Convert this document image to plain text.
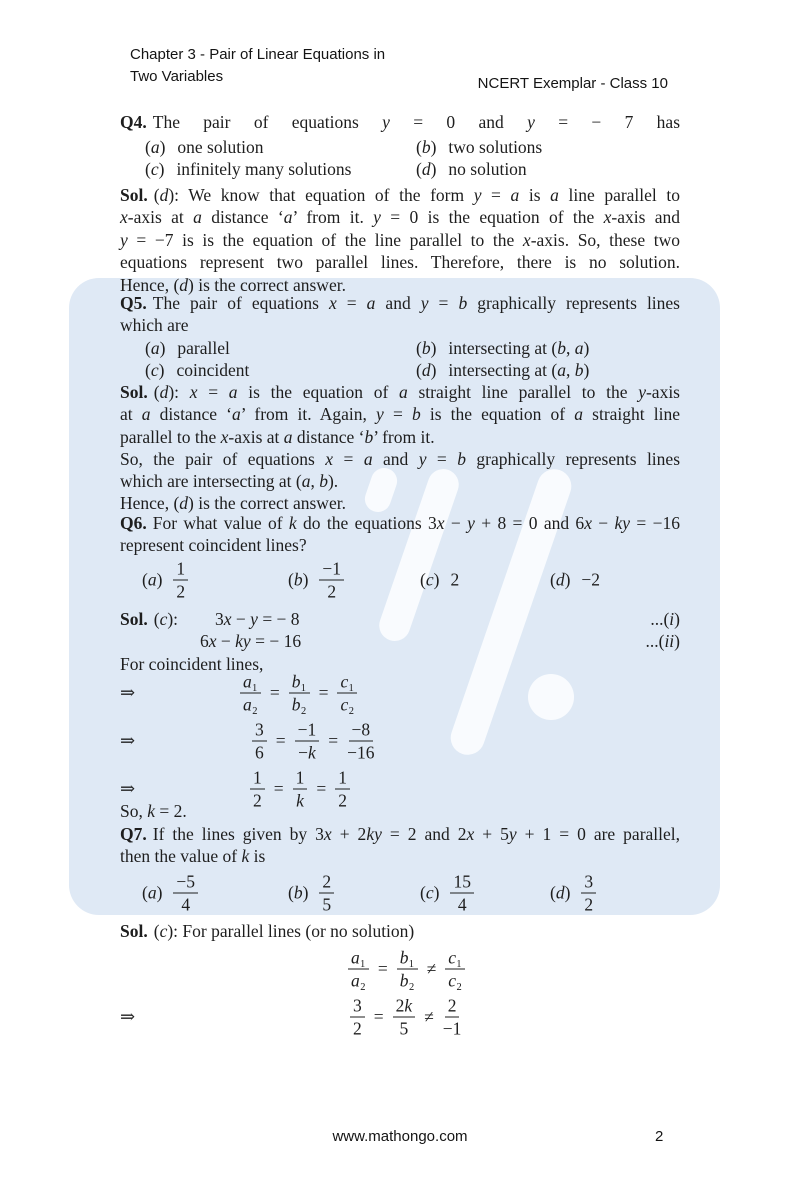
Chapter 3 - Pair of Linear Equations in
Two Variables	NCERT Exemplar - Class 10
Q4. The pair of equations y = 0 and y = − 7 has
(a) one solution	(b) two solutions
(c) infinitely many solutions	(d) no solution
Sol. (d): We know that equation of the form y = a is a line parallel to
x-axis at a distance ‘a’ from it. y = 0 is the equation of the x-axis and
y = −7 is is the equation of the line parallel to the x-axis. So, these two
equations represent two parallel lines. Therefore, there is no solution.
Hence, (d) is the correct answer.
Q5. The pair of equations x = a and y = b graphically represents lines
which are
(a) parallel	(b) intersecting at (b, a)
(c) coincident	(d) intersecting at (a, b)
Sol. (d): x = a is the equation of a straight line parallel to the y-axis
at a distance ‘a’ from it. Again, y = b is the equation of a straight line
parallel to the x-axis at a distance ‘b’ from it.
So, the pair of equations x = a and y = b graphically represents lines
which are intersecting at (a, b).
Hence, (d) is the correct answer.
Q6. For what value of k do the equations 3x − y + 8 = 0 and 6x − ky = −16
represent coincident lines?
$(a) \frac{1}{2}$	$(b) \frac{-1}{2}$	(c) 2	(d) −2
Sol. (c): 3x − y = − 8	...(i)
6x − ky = − 16	...(ii)
For coincident lines,
⇒	$\frac{\text{a₁}}{\text{a₂}} = \frac{\text{b₁}}{\text{b₂}} = \frac{\text{c₁}}{\text{c₂}}$
⇒	$\frac{3}{6} = \frac{-1}{-k} = \frac{-8}{-16}$
⇒	$\frac{1}{2} = \frac{1}{k} = \frac{1}{2}$
So, k = 2.
Q7. If the lines given by 3x + 2ky = 2 and 2x + 5y + 1 = 0 are parallel,
then the value of k is
$(a) \frac{-5}{4}$	$(b) \frac{2}{5}$	$(c) \frac{15}{4}$	$(d) \frac{3}{2}$
Sol. (c): For parallel lines (or no solution)
$\frac{\text{a₁}}{\text{a₂}} = \frac{\text{b₁}}{\text{b₂}} \ne \frac{\text{c₁}}{\text{c₂}}$
⇒	$\frac{3}{2} = \frac{2k}{5} \ne \frac{2}{-1}$
www.mathongo.com	2
